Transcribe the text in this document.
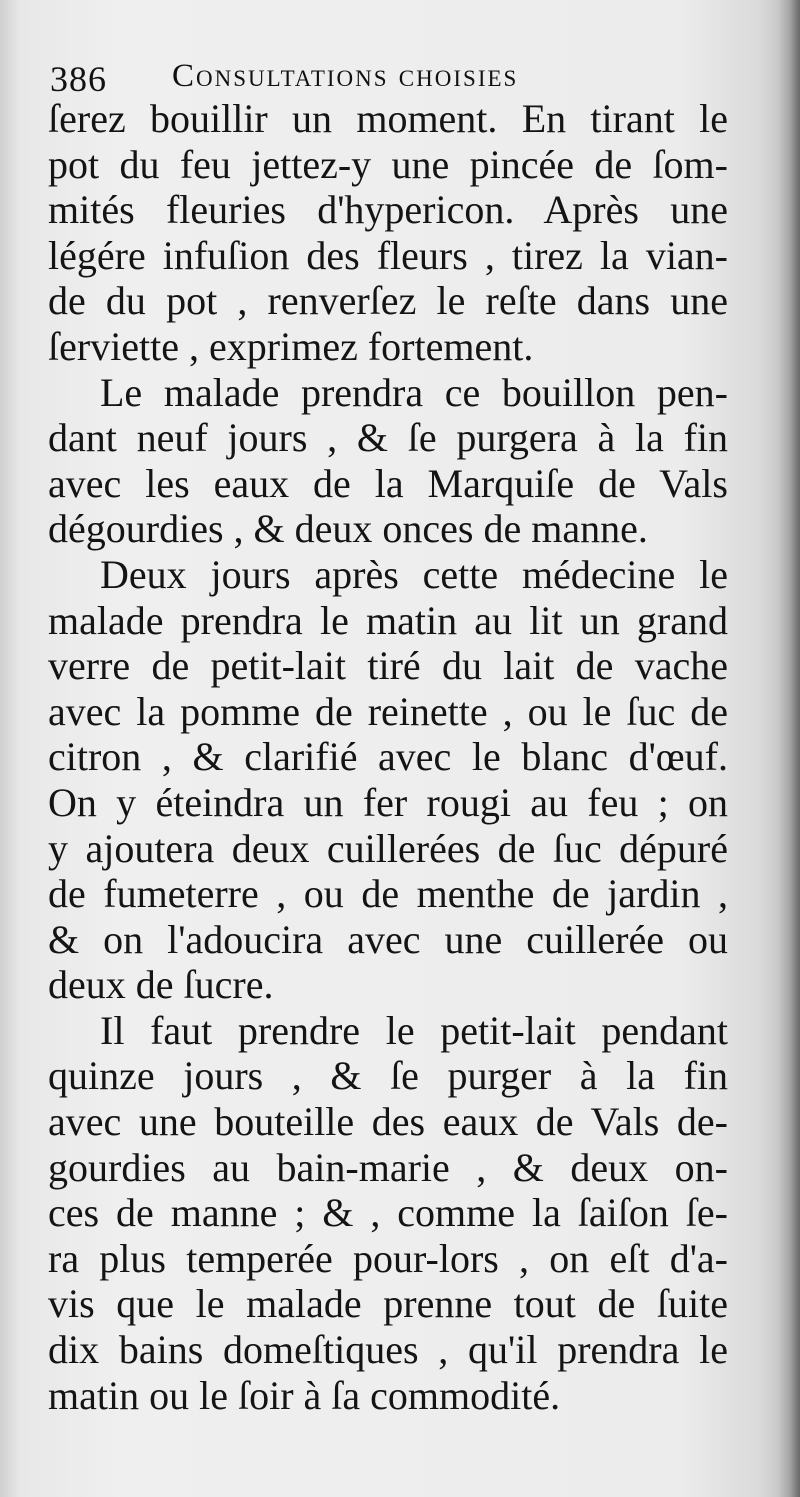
386 Consultations choisies
ſerez bouillir un moment. En tirant le
pot du feu jettez-y une pincée de ſom-
mités fleuries d'hypericon. Après une
légére infuſion des fleurs , tirez la vian-
de du pot , renverſez le reſte dans une
ſerviette , exprimez fortement.
Le malade prendra ce bouillon pen-
dant neuf jours , & ſe purgera à la fin
avec les eaux de la Marquiſe de Vals
dégourdies , & deux onces de manne.
Deux jours après cette médecine le
malade prendra le matin au lit un grand
verre de petit-lait tiré du lait de vache
avec la pomme de reinette , ou le ſuc de
citron , & clarifié avec le blanc d'œuf.
On y éteindra un fer rougi au feu ; on
y ajoutera deux cuillerées de ſuc dépuré
de fumeterre , ou de menthe de jardin ,
& on l'adoucira avec une cuillerée ou
deux de ſucre.
Il faut prendre le petit-lait pendant
quinze jours , & ſe purger à la fin
avec une bouteille des eaux de Vals de-
gourdies au bain-marie , & deux on-
ces de manne ; & , comme la ſaiſon ſe-
ra plus temperée pour-lors , on eſt d'a-
vis que le malade prenne tout de ſuite
dix bains domeſtiques , qu'il prendra le
matin ou le ſoir à ſa commodité.
